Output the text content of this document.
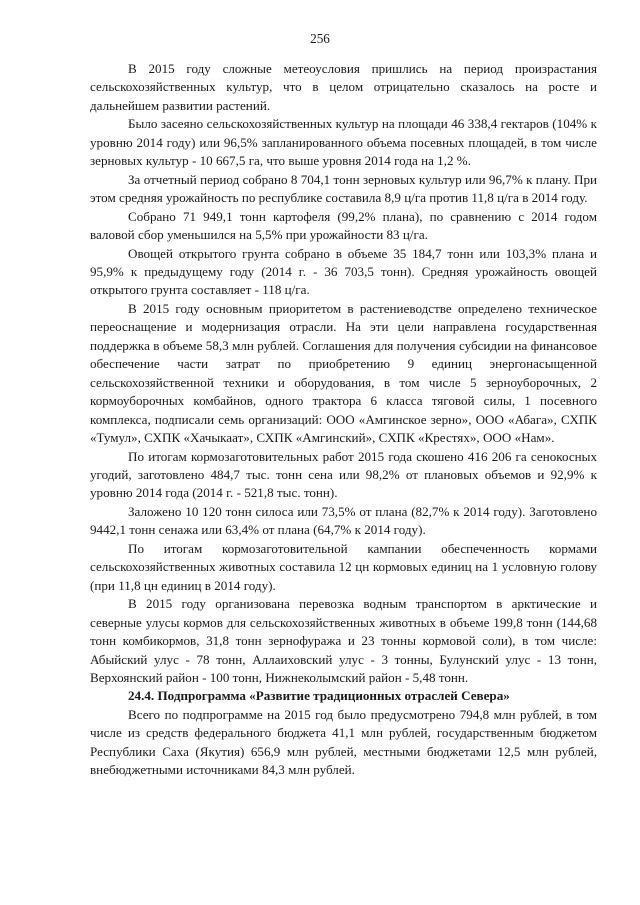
256

В 2015 году сложные метеоусловия пришлись на период произрастания сельскохозяйственных культур, что в целом отрицательно сказалось на росте и дальнейшем развитии растений.

Было засеяно сельскохозяйственных культур на площади 46 338,4 гектаров (104% к уровню 2014 году) или 96,5% запланированного объема посевных площадей, в том числе зерновых культур - 10 667,5 га, что выше уровня 2014 года на 1,2 %.

За отчетный период собрано 8 704,1 тонн зерновых культур или 96,7% к плану. При этом средняя урожайность по республике составила 8,9 ц/га против 11,8 ц/га в 2014 году.

Собрано 71 949,1 тонн картофеля (99,2% плана), по сравнению с 2014 годом валовой сбор уменьшился на 5,5% при урожайности 83 ц/га.

Овощей открытого грунта собрано в объеме 35 184,7 тонн или 103,3% плана и 95,9% к предыдущему году (2014 г. - 36 703,5 тонн). Средняя урожайность овощей открытого грунта составляет - 118 ц/га.

В 2015 году основным приоритетом в растениеводстве определено техническое переоснащение и модернизация отрасли. На эти цели направлена государственная поддержка в объеме 58,3 млн рублей. Соглашения для получения субсидии на финансовое обеспечение части затрат по приобретению 9 единиц энергонасыщенной сельскохозяйственной техники и оборудования, в том числе 5 зерноуборочных, 2 кормоуборочных комбайнов, одного трактора 6 класса тяговой силы, 1 посевного комплекса, подписали семь организаций: ООО «Амгинское зерно», ООО «Абага», СХПК «Тумул», СХПК «Хачыкаат», СХПК «Амгинский», СХПК «Крестях», ООО «Нам».

По итогам кормозаготовительных работ 2015 года скошено 416 206 га сенокосных угодий, заготовлено 484,7 тыс. тонн сена или 98,2% от плановых объемов и 92,9% к уровню 2014 года (2014 г. - 521,8 тыс. тонн).

Заложено 10 120 тонн силоса или 73,5% от плана (82,7% к 2014 году). Заготовлено 9442,1 тонн сенажа или 63,4% от плана (64,7% к 2014 году).

По итогам кормозаготовительной кампании обеспеченность кормами сельскохозяйственных животных составила 12 цн кормовых единиц на 1 условную голову (при 11,8 цн единиц в 2014 году).

В 2015 году организована перевозка водным транспортом в арктические и северные улусы кормов для сельскохозяйственных животных в объеме 199,8 тонн (144,68 тонн комбикормов, 31,8 тонн зернофуража и 23 тонны кормовой соли), в том числе: Абыйский улус - 78 тонн, Аллаиховский улус - 3 тонны, Булунский улус - 13 тонн, Верхоянский район - 100 тонн, Нижнеколымский район - 5,48 тонн.

24.4. Подпрограмма «Развитие традиционных отраслей Севера»

Всего по подпрограмме на 2015 год было предусмотрено 794,8 млн рублей, в том числе из средств федерального бюджета 41,1 млн рублей, государственным бюджетом Республики Саха (Якутия) 656,9 млн рублей, местными бюджетами 12,5 млн рублей, внебюджетными источниками 84,3 млн рублей.
